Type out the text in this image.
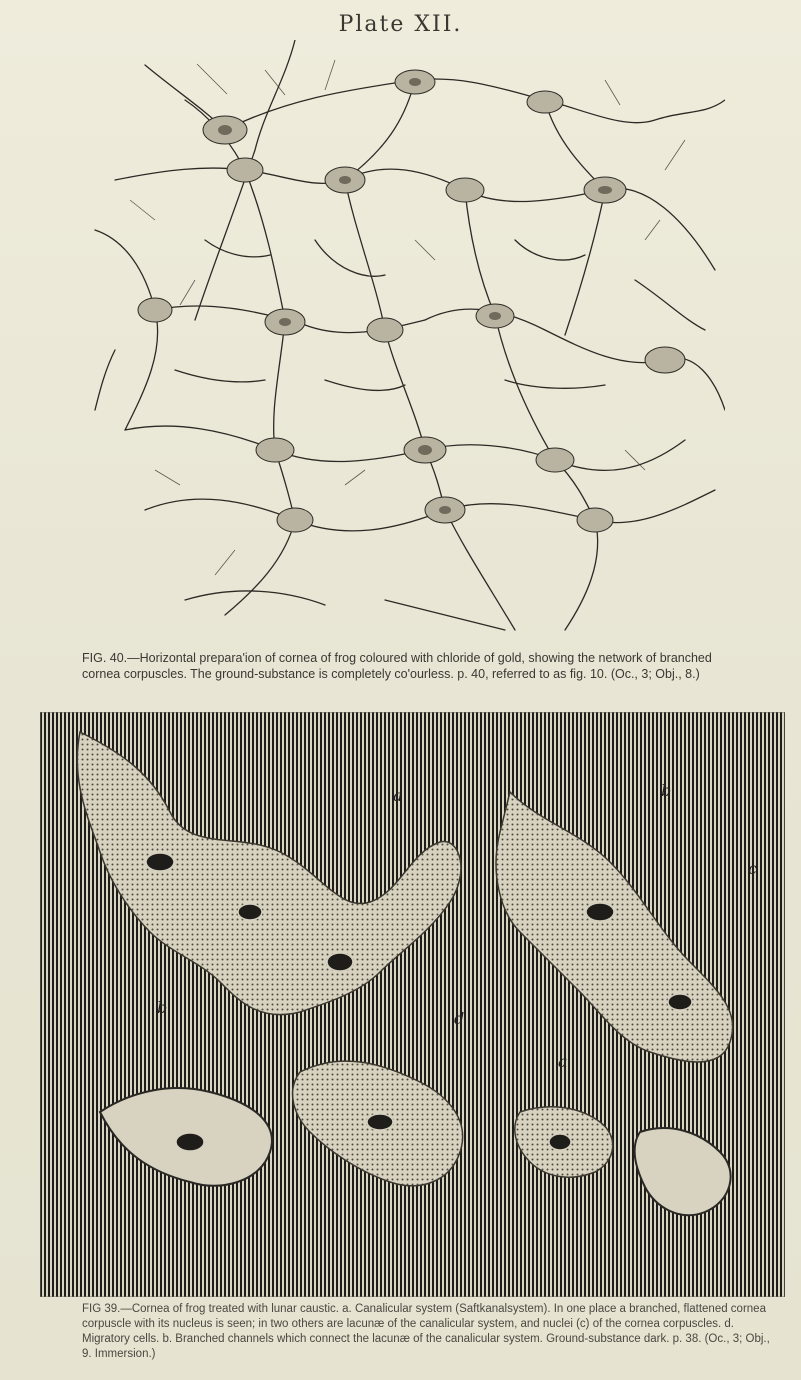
Plate XII.
FIG. 40.—Horizontal prepara'ion of cornea of frog coloured with chloride of gold, showing the network of branched cornea corpuscles. The ground-substance is completely co'ourless. p. 40, referred to as fig. 10. (Oc., 3; Obj., 8.)
a	b
c
b
d
a
FIG 39.—Cornea of frog treated with lunar caustic. a. Canalicular system (Saftkanalsystem). In one place a branched, flattened cornea corpuscle with its nucleus is seen; in two others are lacunæ of the canalicular system, and nuclei (c) of the cornea corpuscles. d. Migratory cells. b. Branched channels which connect the lacunæ of the canalicular system. Ground-substance dark. p. 38. (Oc., 3; Obj., 9. Immersion.)
